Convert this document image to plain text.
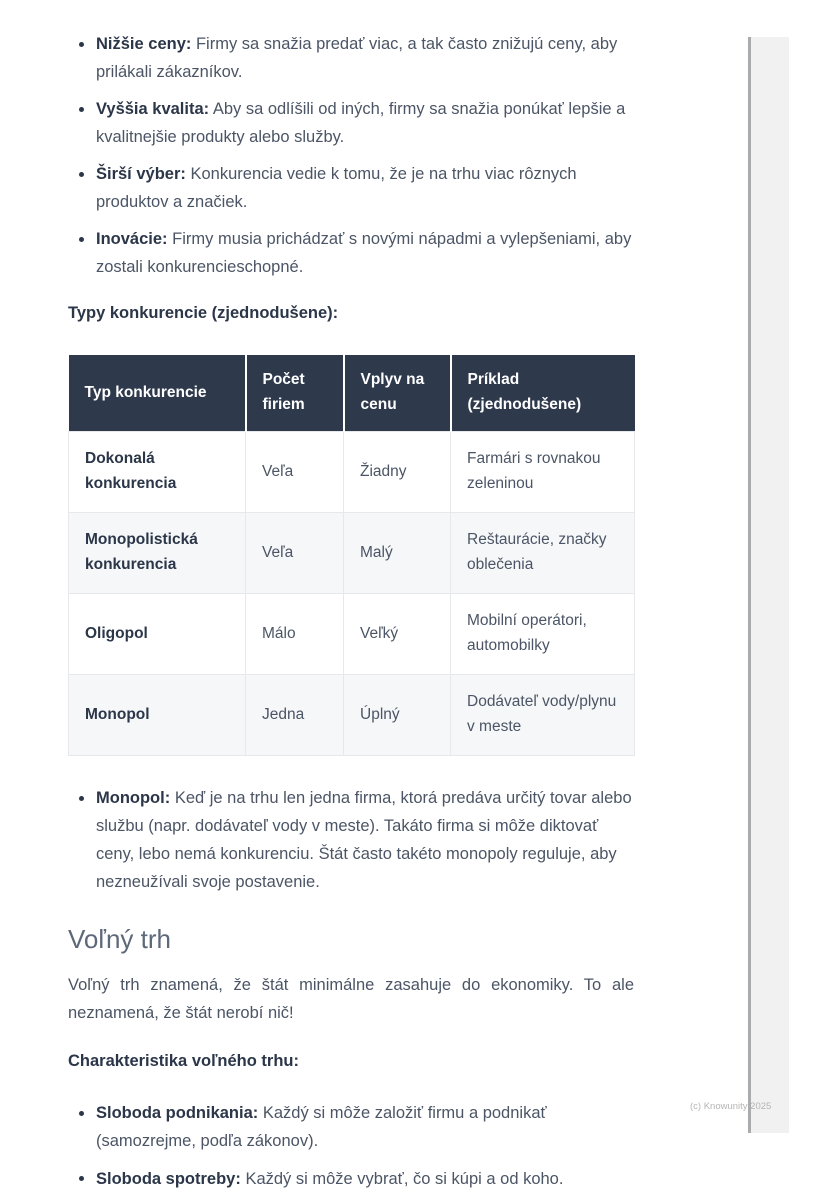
Nižšie ceny: Firmy sa snažia predať viac, a tak často znižujú ceny, aby prilákali zákazníkov.
Vyššia kvalita: Aby sa odlíšili od iných, firmy sa snažia ponúkať lepšie a kvalitnejšie produkty alebo služby.
Širší výber: Konkurencia vedie k tomu, že je na trhu viac rôznych produktov a značiek.
Inovácie: Firmy musia prichádzať s novými nápadmi a vylepšeniami, aby zostali konkurencieschopné.
Typy konkurencie (zjednodušene):
Typ konkurencie	Počet firiem	Vplyv na cenu	Príklad (zjednodušene)
Dokonalá konkurencia	Veľa	Žiadny	Farmári s rovnakou zeleninou
Monopolistická konkurencia	Veľa	Malý	Reštaurácie, značky oblečenia
Oligopol	Málo	Veľký	Mobilní operátori, automobilky
Monopol	Jedna	Úplný	Dodávateľ vody/plynu v meste
Monopol: Keď je na trhu len jedna firma, ktorá predáva určitý tovar alebo službu (napr. dodávateľ vody v meste). Takáto firma si môže diktovať ceny, lebo nemá konkurenciu. Štát často takéto monopoly reguluje, aby nezneužívali svoje postavenie.
Voľný trh

Voľný trh znamená, že štát minimálne zasahuje do ekonomiky. To ale neznamená, že štát nerobí nič!

Charakteristika voľného trhu:
Sloboda podnikania: Každý si môže založiť firmu a podnikať (samozrejme, podľa zákonov).
Sloboda spotreby: Každý si môže vybrať, čo si kúpi a od koho.
(c) Knowunity 2025
